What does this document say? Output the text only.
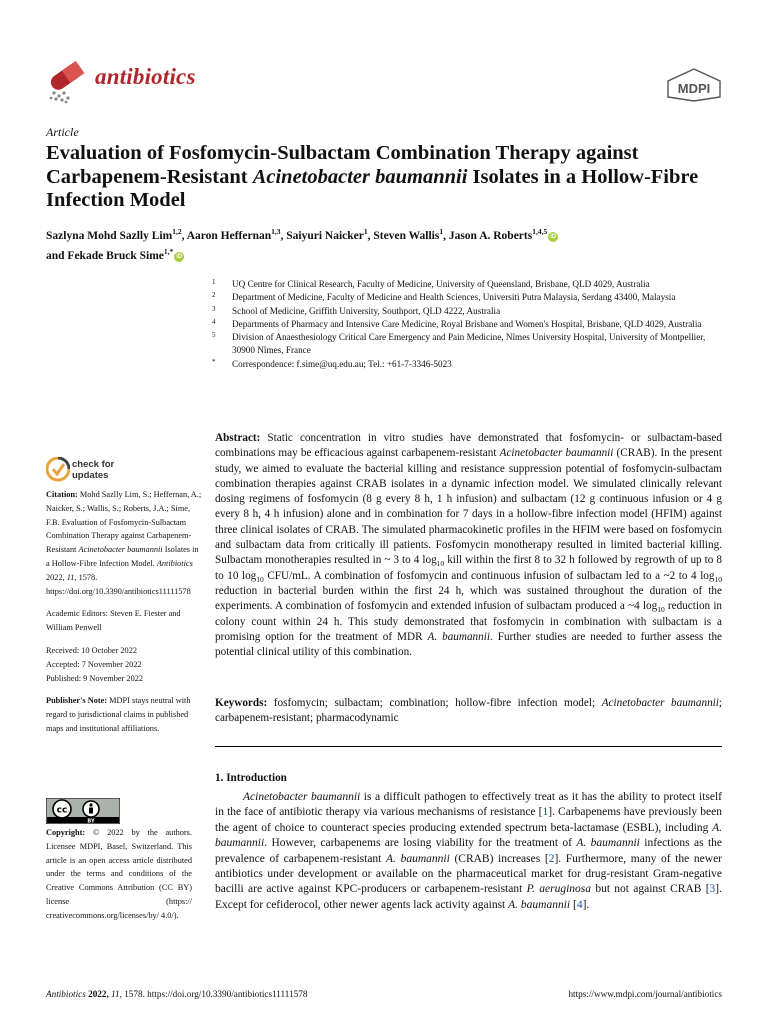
antibiotics	MDPI
Article
Evaluation of Fosfomycin-Sulbactam Combination Therapy against Carbapenem-Resistant Acinetobacter baumannii Isolates in a Hollow-Fibre Infection Model
Sazlyna Mohd Sazlly Lim$^{1,2}$, Aaron Heffernan$^{1,3}$, Saiyuri Naicker$^1$, Steven Wallis$^1$, Jason A. Roberts$^{1,4,5}$iD
and Fekade Bruck Sime$^{1,*}$iD
1 UQ Centre for Clinical Research, Faculty of Medicine, University of Queensland, Brisbane, QLD 4029, Australia
2 Department of Medicine, Faculty of Medicine and Health Sciences, Universiti Putra Malaysia, Serdang 43400, Malaysia
3 School of Medicine, Griffith University, Southport, QLD 4222, Australia
4 Departments of Pharmacy and Intensive Care Medicine, Royal Brisbane and Women's Hospital, Brisbane, QLD 4029, Australia
5 Division of Anaesthesiology Critical Care Emergency and Pain Medicine, Nîmes University Hospital, University of Montpellier, 30900 Nîmes, France
* Correspondence: f.sime@uq.edu.au; Tel.: +61-7-3346-5023
check for
updates
Citation: Mohd Sazlly Lim, S.; Heffernan, A.; Naicker, S.; Wallis, S.; Roberts, J.A.; Sime, F.B. Evaluation of Fosfomycin-Sulbactam Combination Therapy against Carbapenem-Resistant Acinetobacter baumannii Isolates in a Hollow-Fibre Infection Model. Antibiotics 2022, 11, 1578. https://doi.org/10.3390/antibiotics11111578
Academic Editors: Steven E. Fiester and William Penwell
Received: 10 October 2022
Accepted: 7 November 2022
Published: 9 November 2022
Publisher's Note: MDPI stays neutral with regard to jurisdictional claims in published maps and institutional affiliations.
cc
BY
Copyright: © 2022 by the authors. Licensee MDPI, Basel, Switzerland. This article is an open access article distributed under the terms and conditions of the Creative Commons Attribution (CC BY) license (https:// creativecommons.org/licenses/by/ 4.0/).
Abstract: Static concentration in vitro studies have demonstrated that fosfomycin- or sulbactam-based combinations may be efficacious against carbapenem-resistant Acinetobacter baumannii (CRAB). In the present study, we aimed to evaluate the bacterial killing and resistance suppression potential of fosfomycin-sulbactam combination therapies against CRAB isolates in a dynamic infection model. We simulated clinically relevant dosing regimens of fosfomycin (8 g every 8 h, 1 h infusion) and sulbactam (12 g continuous infusion or 4 g every 8 h, 4 h infusion) alone and in combination for 7 days in a hollow-fibre infection model (HFIM) against three clinical isolates of CRAB. The simulated pharmacokinetic profiles in the HFIM were based on fosfomycin and sulbactam data from critically ill patients. Fosfomycin monotherapy resulted in limited bacterial killing. Sulbactam monotherapies resulted in ~ 3 to 4 $\log_{10}$ kill within the first 8 to 32 h followed by regrowth of up to 8 to 10 $\log_{10} CFU/mL$. A combination of fosfomycin and continuous infusion of sulbactam led to a ~2 to 4 $\log_{10}$ reduction in bacterial burden within the first 24 h, which was sustained throughout the duration of the experiments. A combination of fosfomycin and extended infusion of sulbactam produced a ~4 $\log_{10}$ reduction in colony count within 24 h. This study demonstrated that fosfomycin in combination with sulbactam is a promising option for the treatment of MDR A. baumannii. Further studies are needed to further assess the potential clinical utility of this combination.
Keywords: fosfomycin; sulbactam; combination; hollow-fibre infection model; Acinetobacter baumannii; carbapenem-resistant; pharmacodynamic
1. Introduction
Acinetobacter baumannii is a difficult pathogen to effectively treat as it has the ability to protect itself in the face of antibiotic therapy via various mechanisms of resistance [1]. Carbapenems have previously been the agent of choice to counteract species producing extended spectrum beta-lactamase (ESBL), including A. baumannii. However, carbapenems are losing viability for the treatment of A. baumannii infections as the prevalence of carbapenem-resistant A. baumannii (CRAB) increases [2]. Furthermore, many of the newer antibiotics under development or available on the pharmaceutical market for drug-resistant Gram-negative bacilli are active against KPC-producers or carbapenem-resistant P. aeruginosa but not against CRAB [3]. Except for cefiderocol, other newer agents lack activity against A. baumannii [4].
Antibiotics 2022, 11, 1578. https://doi.org/10.3390/antibiotics11111578	https://www.mdpi.com/journal/antibiotics
